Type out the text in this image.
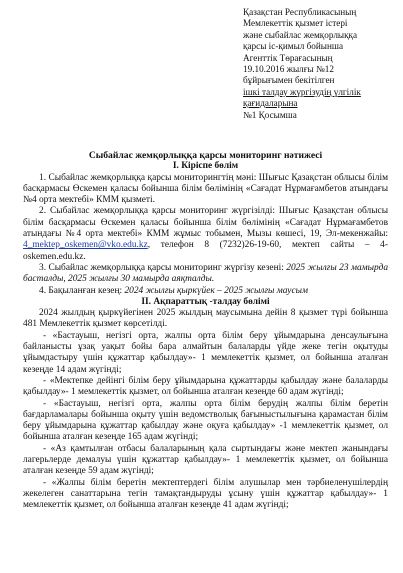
Қазақстан Республикасының
Мемлекеттік қызмет істері
және сыбайлас жемқорлыққа
қарсы іс-қимыл бойынша
Агенттік Төрағасының
19.10.2016 жылғы №12
бұйрығымен бекітілген
ішкі талдау жүргізудің үлгілік
қағидаларына
№1 Қосымша
Сыбайлас жемқорлыққа қарсы мониторинг нәтижесі
I. Кіріспе бөлім

1. Сыбайлас жемқорлыққа қарсы мониторингтің мәні: Шығыс Қазақстан облысы білім басқармасы Өскемен қаласы бойынша білім бөлімінің «Сағадат Нұрмағамбетов атындағы №4 орта мектебі» КММ қызметі.

2. Сыбайлас жемқорлыққа қарсы мониторинг жүргізілді: Шығыс Қазақстан облысы білім басқармасы Өскемен қаласы бойынша білім бөлімінің «Сағадат Нұрмағамбетов атындағы №4 орта мектебі» КММ жұмыс тобымен, Мызы көшесі, 19, Эл-мекенжайы: 4_mektep_oskemen@vko.edu.kz, телефон 8 (7232)26-19-60, мектеп сайты – 4-oskemen.edu.kz.

3. Сыбайлас жемқорлыққа қарсы мониторинг жүргізу кезені: 2025 жылғы 23 мамырда басталды, 2025 жылғы 30 мамырда аяқталды.

4. Бақыланған кезең: 2024 жылғы қыркүйек – 2025 жылғы маусым

II. Ақпараттық -талдау бөлімі

2024 жылдың қыркүйегінен 2025 жылдың маусымына дейін 8 қызмет түрі бойынша 481 Мемлекеттік қызмет көрсетілді.

- «Бастауыш, негізгі орта, жалпы орта білім беру ұйымдарына денсаулығына байланысты ұзақ уақыт бойы бара алмайтын балаларды үйде жеке тегін оқытуды ұйымдастыру үшін құжаттар қабылдау»- 1 мемлекеттік қызмет, ол бойынша аталған кезеңде 14 адам жүгінді;

- «Мектепке дейінгі білім беру ұйымдарына құжаттарды қабылдау және балаларды қабылдау»- 1 мемлекеттік қызмет, ол бойынша аталған кезеңде 60 адам жүгінді;

- «Бастауыш, негізгі орта, жалпы орта білім берудің жалпы білім беретін бағдарламалары бойынша оқыту үшін ведомстволық бағыныстылығына қарамастан білім беру ұйымдарына құжаттар қабылдау және оқуға қабылдау» -1 мемлекеттік қызмет, ол бойынша аталған кезеңде 165 адам жүгінді;

- «Аз қамтылған отбасы балаларының қала сыртындағы және мектеп жанындағы лагерьлерде демалуы үшін құжаттар қабылдау»- 1 мемлекеттік қызмет, ол бойынша аталған кезеңде 59 адам жүгінді;

- «Жалпы білім беретін мектептердегі білім алушылар мен тәрбиеленушілердің жекелеген санаттарына тегін тамақтандыруды ұсыну үшін құжаттар қабылдау»- 1 мемлекеттік қызмет, ол бойынша аталған кезеңде 41 адам жүгінді;
